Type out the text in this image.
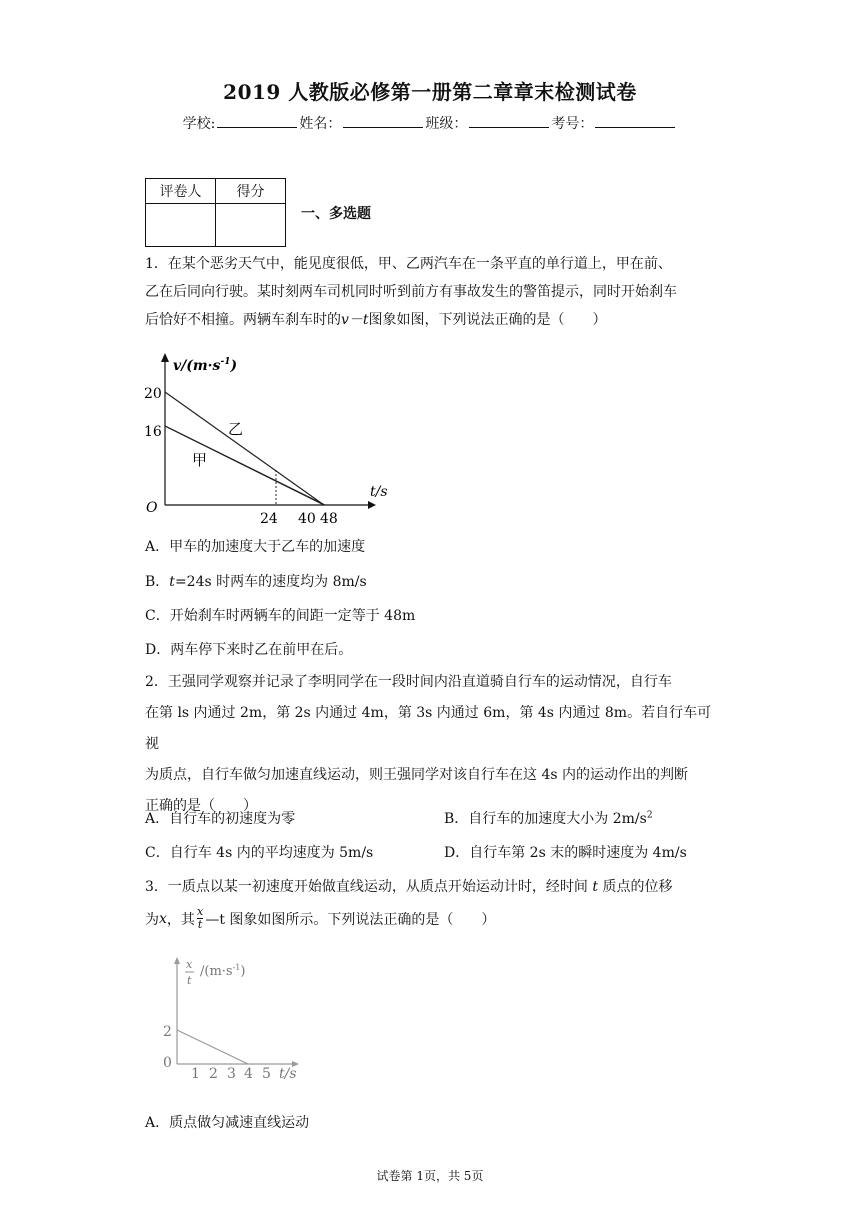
2019 人教版必修第一册第二章章末检测试卷
学校:	姓名：	班级：	考号：
评卷人	得分

一、多选题
1．在某个恶劣天气中，能见度很低，甲、乙两汽车在一条平直的单行道上，甲在前、
乙在后同向行驶。某时刻两车司机同时听到前方有事故发生的警笛提示，同时开始刹车
后恰好不相撞。两辆车刹车时的v－t图象如图，下列说法正确的是（　　）
$v/(m\cdot s^{-1})$
t/s
O
20
16
24 40 48
乙
甲
A．甲车的加速度大于乙车的加速度
B．t=24s 时两车的速度均为 8m/s
C．开始刹车时两辆车的间距一定等于 48m
D．两车停下来时乙在前甲在后。
2．王强同学观察并记录了李明同学在一段时间内沿直道骑自行车的运动情况，自行车
在第 ls 内通过 2m，第 2s 内通过 4m，第 3s 内通过 6m，第 4s 内通过 8m。若自行车可视
为质点，自行车做匀加速直线运动，则王强同学对该自行车在这 4s 内的运动作出的判断
正确的是（　　）
A．自行车的初速度为零	B．自行车的加速度大小为 $2m/s^2$
C．自行车 4s 内的平均速度为 5m/s	D．自行车第 2s 末的瞬时速度为 4m/s
3．一质点以某一初速度开始做直线运动，从质点开始运动计时，经时间 t 质点的位移
为 x ，其 $\frac{x}{t}$ —t 图象如图所示。下列说法正确的是（　　）
x
t
$/(m\cdot s^{-1})$
2
0
1 2 3 4 5 t/s
A．质点做匀减速直线运动
试卷第 1页，共 5页
